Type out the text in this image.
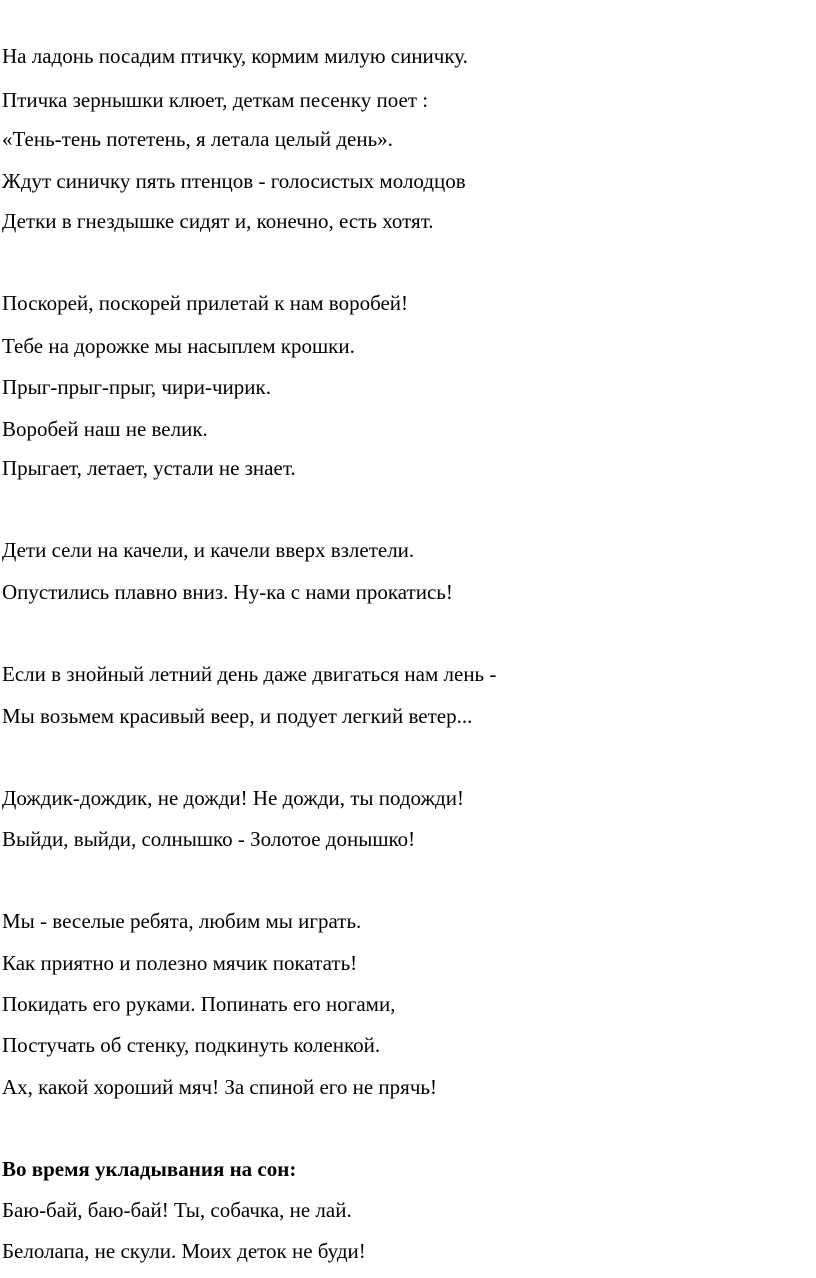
На ладонь посадим птичку, кормим милую синичку.
Птичка зернышки клюет, деткам песенку поет :
«Тень-тень потетень, я летала целый день».
Ждут синичку пять птенцов - голосистых молодцов
Детки в гнездышке сидят и, конечно, есть хотят.
Поскорей, поскорей прилетай к нам воробей!
Тебе на дорожке мы насыплем крошки.
Прыг-прыг-прыг, чири-чирик.
Воробей наш не велик.
Прыгает, летает, устали не знает.
Дети сели на качели, и качели вверх взлетели.
Опустились плавно вниз. Ну-ка с нами прокатись!
Если в знойный летний день даже двигаться нам лень -
Мы возьмем красивый веер, и подует легкий ветер...
Дождик-дождик, не дожди! Не дожди, ты подожди!
Выйди, выйди, солнышко - Золотое донышко!
Мы - веселые ребята, любим мы играть.
Как приятно и полезно мячик покатать!
Покидать его руками. Попинать его ногами,
Постучать об стенку, подкинуть коленкой.
Ах, какой хороший мяч! За спиной его не прячь!
Во время укладывания на сон:
Баю-бай, баю-бай! Ты, собачка, не лай.
Белолапа, не скули. Моих деток не буди!
